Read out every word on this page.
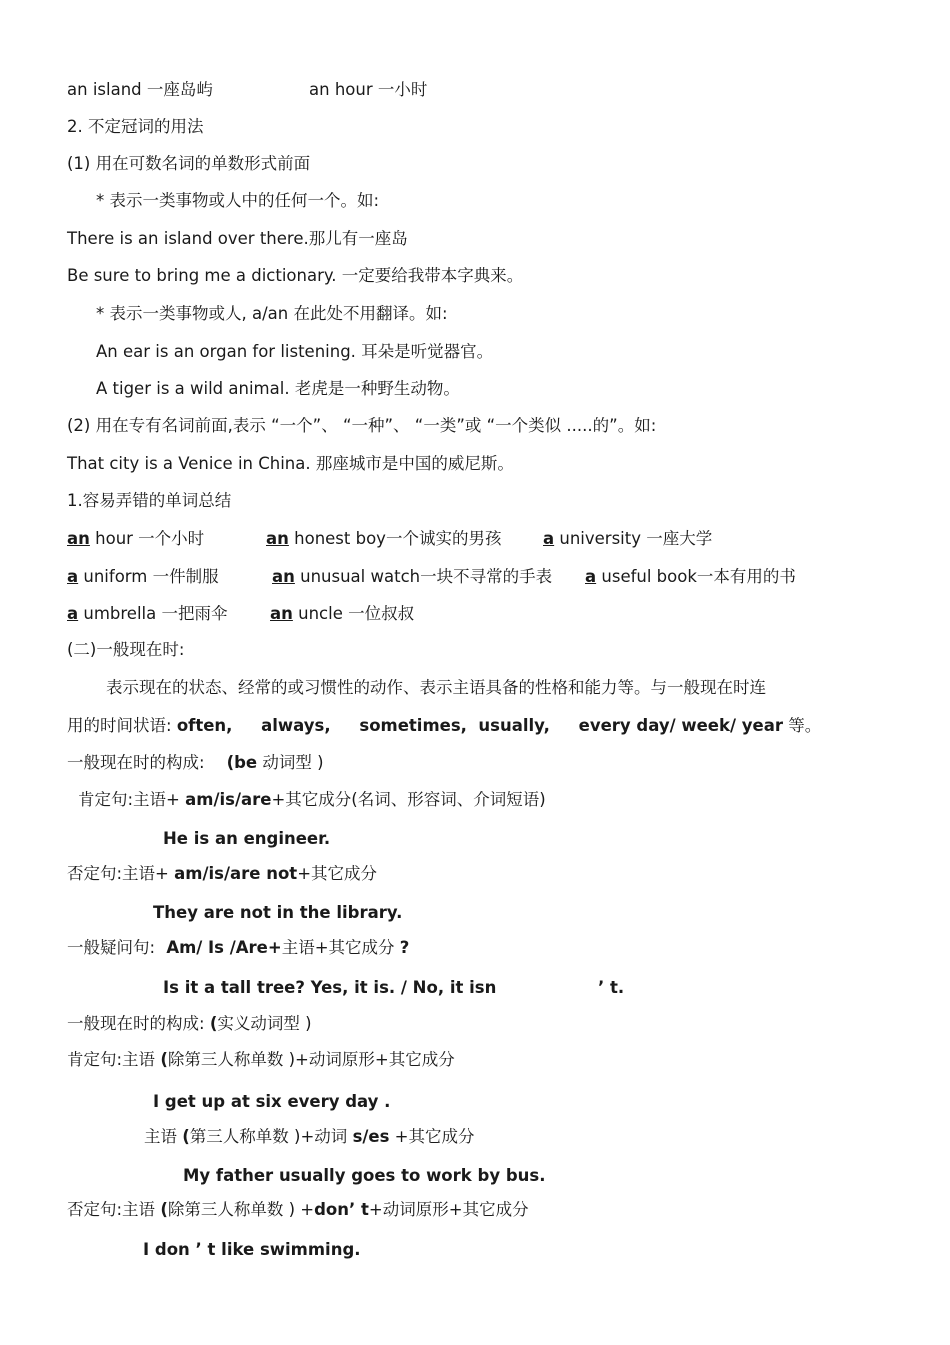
an island 一座岛屿	an hour 一小时
2. 不定冠词的用法
(1) 用在可数名词的单数形式前面
* 表示一类事物或人中的任何一个。如:
There is an island over there.那儿有一座岛
Be sure to bring me a dictionary. 一定要给我带本字典来。
* 表示一类事物或人, a/an 在此处不用翻译。如:
An ear is an organ for listening. 耳朵是听觉器官。
A tiger is a wild animal. 老虎是一种野生动物。
(2) 用在专有名词前面,表示 “一个”、 “一种”、 “一类”或 “一个类似 .....的”。如:
That city is a Venice in China. 那座城市是中国的威尼斯。
1.容易弄错的单词总结
an hour 一个小时	an honest boy一个诚实的男孩	a university 一座大学
a uniform 一件制服	an unusual watch一块不寻常的手表 a useful book一本有用的书
a umbrella 一把雨伞	an uncle 一位叔叔
(二)一般现在时:
表示现在的状态、经常的或习惯性的动作、表示主语具备的性格和能力等。与一般现在时连
用的时间状语: often,     always,     sometimes,  usually,     every day/ week/ year 等。
一般现在时的构成: (be 动词型 )
肯定句:主语+ am/is/are+其它成分(名词、形容词、介词短语)
He is an engineer.
否定句:主语+ am/is/are not+其它成分
They are not in the library.
一般疑问句: Am/ Is /Are+主语+其它成分 ?
Is it a tall tree? Yes, it is. / No, it isn	’ t.
一般现在时的构成: (实义动词型 )
肯定句:主语 (除第三人称单数 )+动词原形+其它成分
I get up at six every day .
主语 (第三人称单数 )+动词 s/es +其它成分
My father usually goes to work by bus.
否定句:主语 (除第三人称单数 ) +don’ t+动词原形+其它成分
I don ’ t like swimming.
